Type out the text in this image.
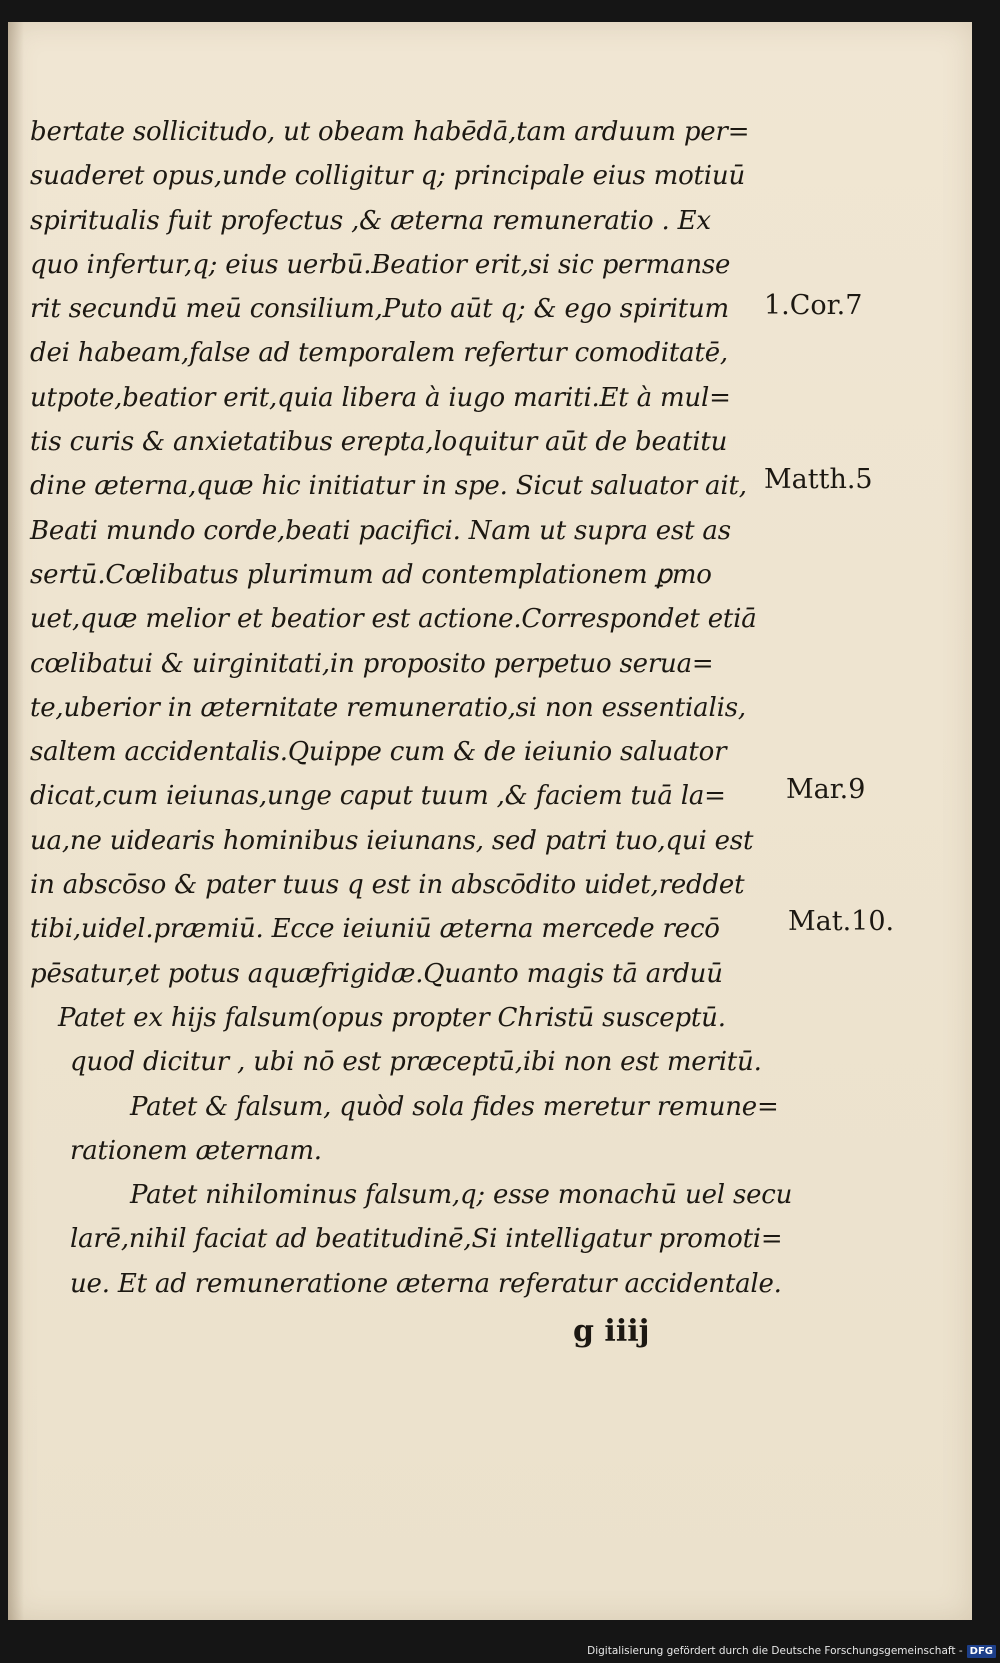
bertate sollicitudo, ut obeam habēdā,tam arduum per=
suaderet opus,unde colligitur q; principale eius motiuū
spiritualis fuit profectus ,& æterna remuneratio . Ex
quo infertur,q; eius uerbū.Beatior erit,si sic permanse
rit secundū meū consilium,Puto aūt q; & ego spiritum
dei habeam,false ad temporalem refertur comoditatē,
utpote,beatior erit,quia libera à iugo mariti.Et à mul=
tis curis & anxietatibus erepta,loquitur aūt de beatitu
dine æterna,quæ hic initiatur in spe. Sicut saluator ait,
Beati mundo corde,beati pacifici. Nam ut supra est as
sertū.Cœlibatus plurimum ad contemplationem ꝑmo
uet,quæ melior et beatior est actione.Correspondet etiā
cœlibatui & uirginitati,in proposito perpetuo serua=
te,uberior in æternitate remuneratio,si non essentialis,
saltem accidentalis.Quippe cum & de ieiunio saluator
dicat,cum ieiunas,unge caput tuum ,& faciem tuā la=
ua,ne uidearis hominibus ieiunans, sed patri tuo,qui est
in abscōso & pater tuus q est in abscōdito uidet,reddet
tibi,uidel.præmiū. Ecce ieiuniū æterna mercede recō
pēsatur,et potus aquæfrigidæ.Quanto magis tā arduū
Patet ex hijs falsum(opus propter Christū susceptū.
quod dicitur , ubi nō est præceptū,ibi non est meritū.
Patet & falsum, quòd sola fides meretur remune=
rationem æternam.
Patet nihilominus falsum,q; esse monachū uel secu
larē,nihil faciat ad beatitudinē,Si intelligatur promoti=
ue. Et ad remuneratione æterna referatur accidentale.
1.Cor.7
Matth.5
Mar.9
Mat.10.
g iiij
Digitalisierung gefördert durch die Deutsche Forschungsgemeinschaft - DFG
